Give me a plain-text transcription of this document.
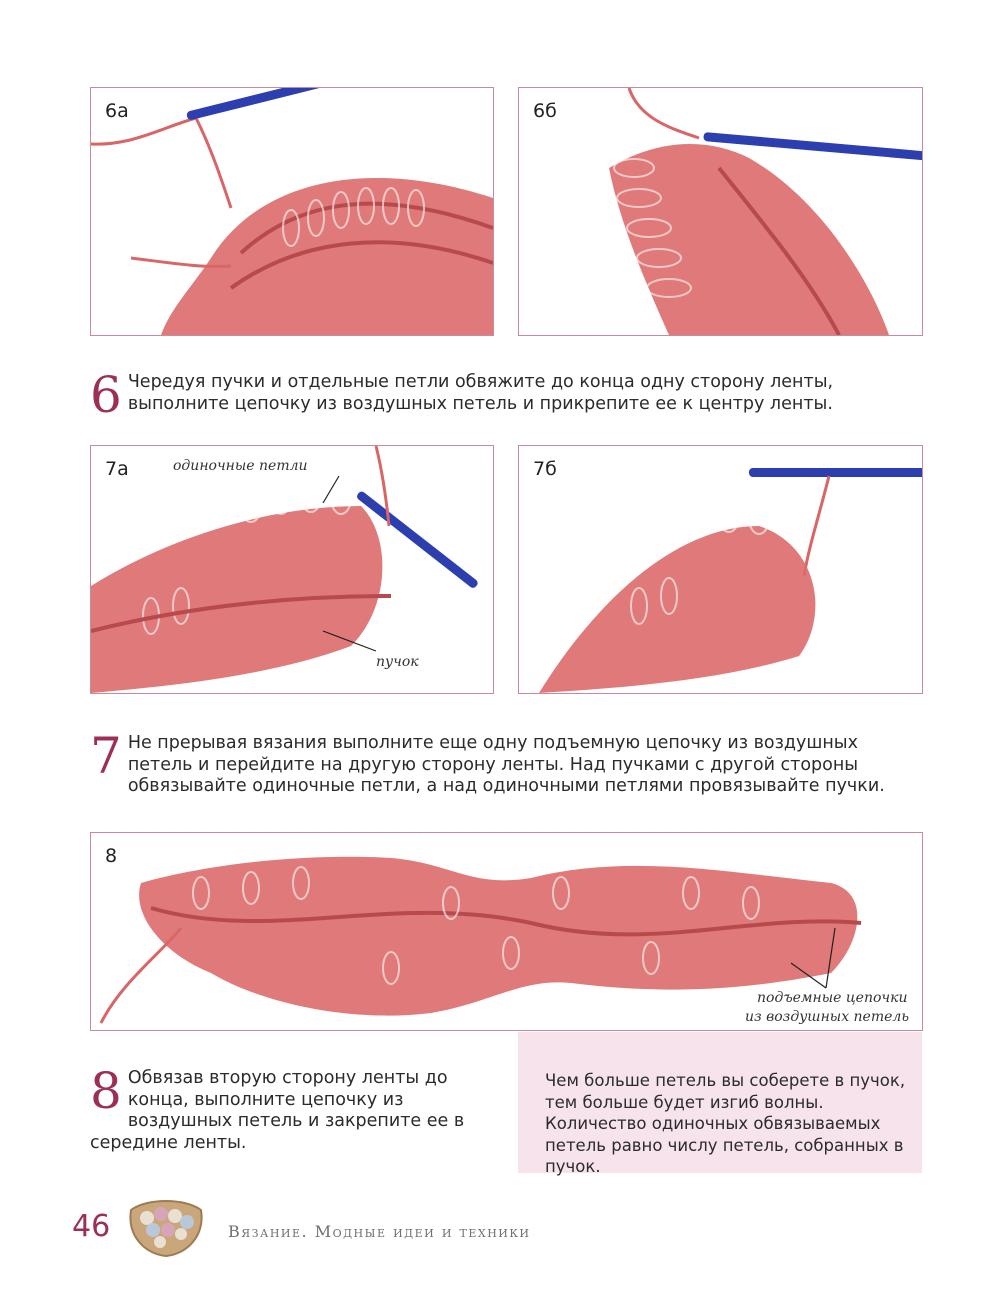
6а	6б
6 Чередуя пучки и отдельные петли обвяжите до конца одну сторону ленты, выполните цепочку из воздушных петель и прикрепите ее к центру ленты.
7а	одиночные петли
пучок
7б
7 Не прерывая вязания выполните еще одну подъемную цепочку из воздушных петель и перейдите на другую сторону ленты. Над пучками с другой стороны обвязывайте одиночные петли, а над одиночными петлями провязывайте пучки.
8
подъемные цепочки
из воздушных петель
8 Обвязав вторую сторону ленты до конца, выполните цепочку из воздушных петель и закрепите ее в середине ленты.
Чем больше петель вы соберете в пучок, тем больше будет изгиб волны. Количество одиночных обвязываемых петель равно числу петель, собранных в пучок.
46	Вязание. Модные идеи и техники
